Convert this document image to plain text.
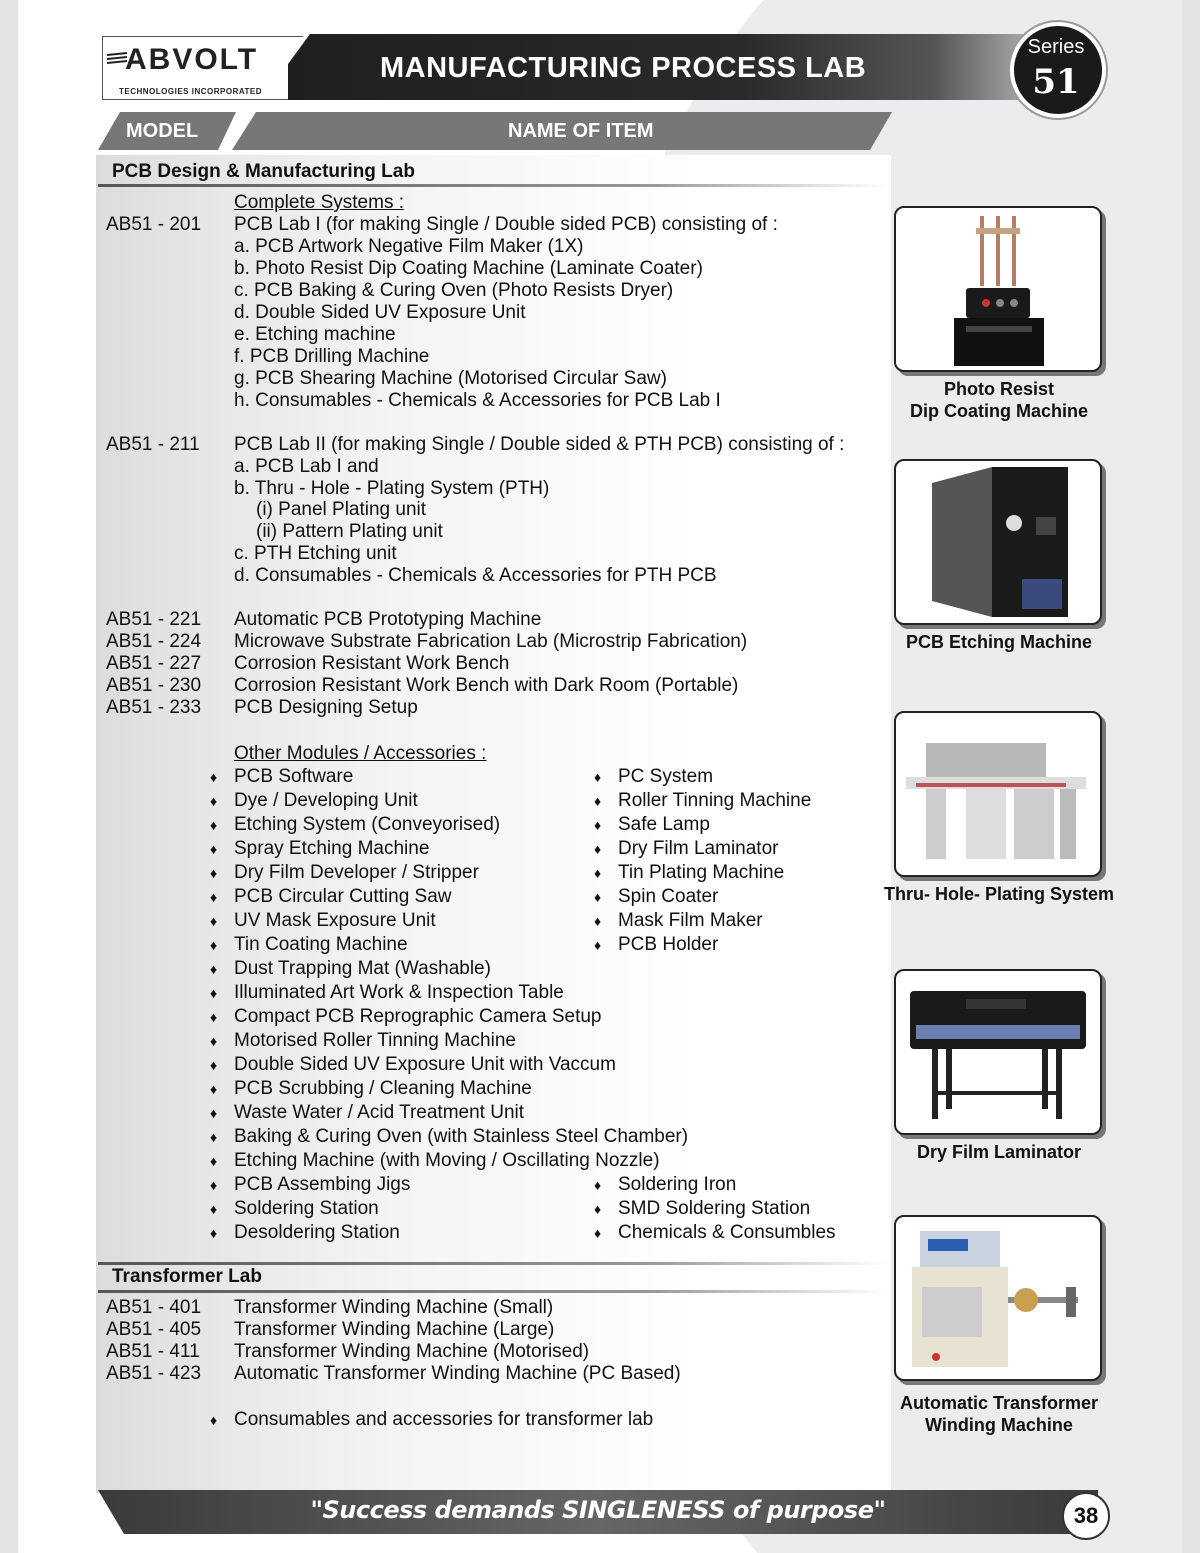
ABVOLT
TECHNOLOGIES INCORPORATED
MANUFACTURING PROCESS LAB
Series
51
MODEL	NAME OF ITEM
PCB Design & Manufacturing Lab
Complete Systems :
AB51 - 201 PCB Lab I (for making Single / Double sided PCB) consisting of :
a. PCB Artwork Negative Film Maker (1X)
b. Photo Resist Dip Coating Machine (Laminate Coater)
c. PCB Baking & Curing Oven (Photo Resists Dryer)
d. Double Sided UV Exposure Unit
e. Etching machine
f. PCB Drilling Machine
g. PCB Shearing Machine (Motorised Circular Saw)
h. Consumables - Chemicals & Accessories for PCB Lab I
AB51 - 211 PCB Lab II (for making Single / Double sided & PTH PCB) consisting of :
a. PCB Lab I and
b. Thru - Hole - Plating System (PTH)
(i) Panel Plating unit
(ii) Pattern Plating unit
c. PTH Etching unit
d. Consumables - Chemicals & Accessories for PTH PCB
AB51 - 221 Automatic PCB Prototyping Machine
AB51 - 224 Microwave Substrate Fabrication Lab (Microstrip Fabrication)
AB51 - 227 Corrosion Resistant Work Bench
AB51 - 230 Corrosion Resistant Work Bench with Dark Room (Portable)
AB51 - 233 PCB Designing Setup
Other Modules / Accessories :
♦ PCB Software
♦ Dye / Developing Unit
♦ Etching System (Conveyorised)
♦ Spray Etching Machine
♦ Dry Film Developer / Stripper
♦ PCB Circular Cutting Saw
♦ UV Mask Exposure Unit
♦ Tin Coating Machine
♦ Dust Trapping Mat (Washable)
♦ Illuminated Art Work & Inspection Table
♦ Compact PCB Reprographic Camera Setup
♦ Motorised Roller Tinning Machine
♦ Double Sided UV Exposure Unit with Vaccum
♦ PCB Scrubbing / Cleaning Machine
♦ Waste Water / Acid Treatment Unit
♦ Baking & Curing Oven (with Stainless Steel Chamber)
♦ Etching Machine (with Moving / Oscillating Nozzle)
♦ PCB Assembing Jigs
♦ Soldering Station
♦ Desoldering Station
♦ PC System
♦ Roller Tinning Machine
♦ Safe Lamp
♦ Dry Film Laminator
♦ Tin Plating Machine
♦ Spin Coater
♦ Mask Film Maker
♦ PCB Holder
♦ Soldering Iron
♦ SMD Soldering Station
♦ Chemicals & Consumbles
Transformer Lab
AB51 - 401 Transformer Winding Machine (Small)
AB51 - 405 Transformer Winding Machine (Large)
AB51 - 411 Transformer Winding Machine (Motorised)
AB51 - 423 Automatic Transformer Winding Machine (PC Based)
♦ Consumables and accessories for transformer lab
Photo Resist
Dip Coating Machine
PCB Etching Machine
Thru- Hole- Plating System
Dry Film Laminator
Automatic Transformer
Winding Machine
"Success demands SINGLENESS of purpose"	38
